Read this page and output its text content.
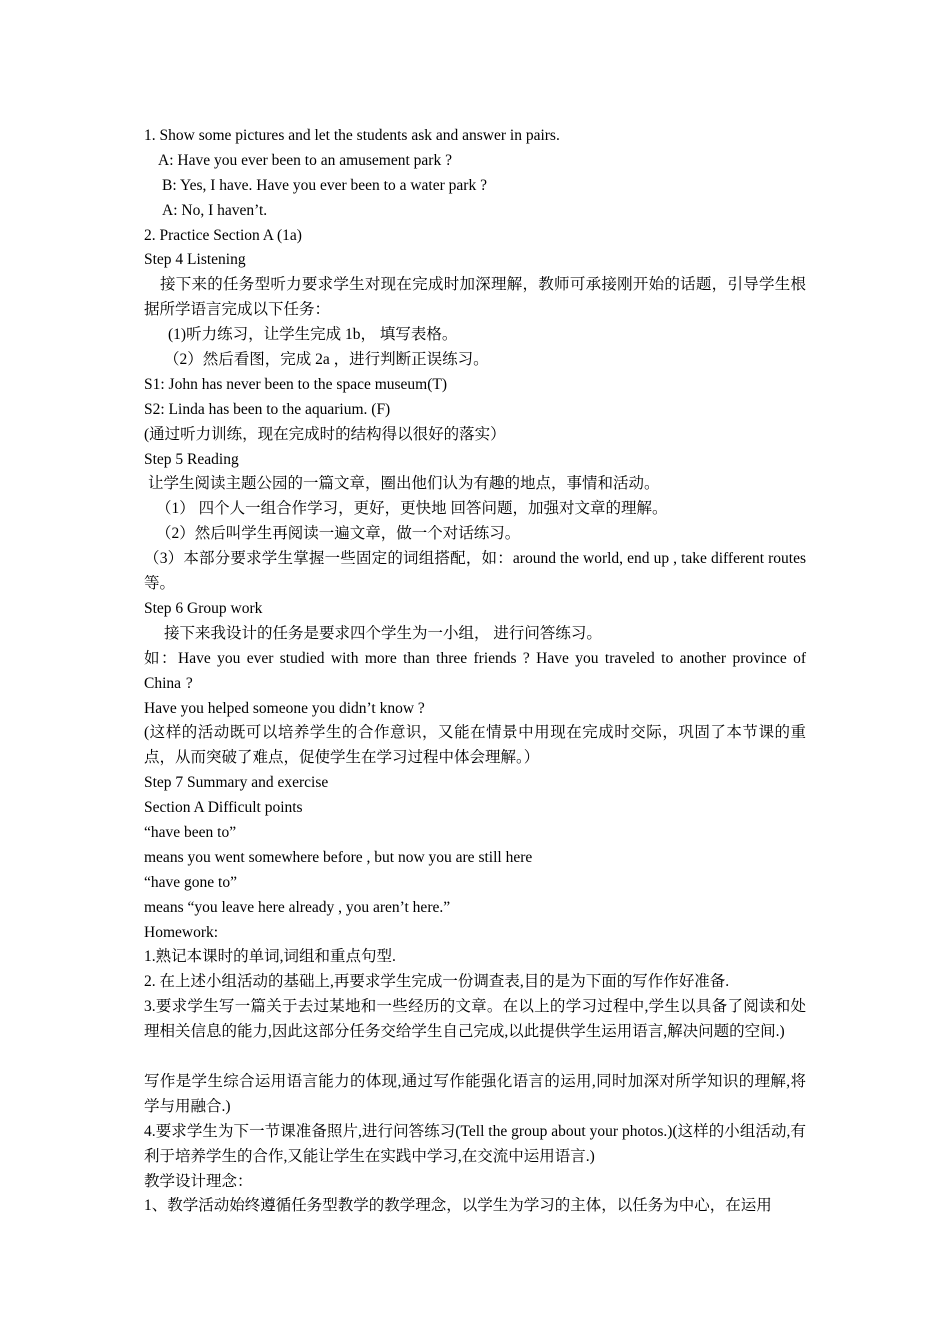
1. Show some pictures and let the students ask and answer in pairs.
A: Have you ever been to an amusement park ?
B: Yes, I have. Have you ever been to a water park ?
A: No, I haven’t.
2. Practice Section A (1a)
Step 4 Listening
接下来的任务型听力要求学生对现在完成时加深理解，教师可承接刚开始的话题，引导学生根据所学语言完成以下任务：
(1)听力练习，让学生完成 1b， 填写表格。
（2）然后看图，完成 2a ，进行判断正误练习。
S1: John has never been to the space museum(T)
S2: Linda has been to the aquarium. (F)
(通过听力训练，现在完成时的结构得以很好的落实）
Step 5 Reading
让学生阅读主题公园的一篇文章，圈出他们认为有趣的地点，事情和活动。
（1） 四个人一组合作学习，更好，更快地 回答问题，加强对文章的理解。
（2）然后叫学生再阅读一遍文章，做一个对话练习。
（3）本部分要求学生掌握一些固定的词组搭配，如：around the world, end up , take different routes 等。
Step 6 Group work
接下来我设计的任务是要求四个学生为一小组， 进行问答练习。
如：Have you ever studied with more than three friends ? Have you traveled to another province of China ?
Have you helped someone you didn’t know ?
(这样的活动既可以培养学生的合作意识，又能在情景中用现在完成时交际，巩固了本节课的重点，从而突破了难点，促使学生在学习过程中体会理解。）
Step 7 Summary and exercise
Section A Difficult points
“have been to”
means you went somewhere before , but now you are still here
“have gone to”
means “you leave here already , you aren’t here.”
Homework:
1.熟记本课时的单词,词组和重点句型.
2. 在上述小组活动的基础上,再要求学生完成一份调查表,目的是为下面的写作作好准备.
3.要求学生写一篇关于去过某地和一些经历的文章。在以上的学习过程中,学生以具备了阅读和处理相关信息的能力,因此这部分任务交给学生自己完成,以此提供学生运用语言,解决问题的空间.)
写作是学生综合运用语言能力的体现,通过写作能强化语言的运用,同时加深对所学知识的理解,将学与用融合.)
4.要求学生为下一节课准备照片,进行问答练习(Tell the group about your photos.)(这样的小组活动,有利于培养学生的合作,又能让学生在实践中学习,在交流中运用语言.)
教学设计理念：
1、教学活动始终遵循任务型教学的教学理念，以学生为学习的主体，以任务为中心，在运用
